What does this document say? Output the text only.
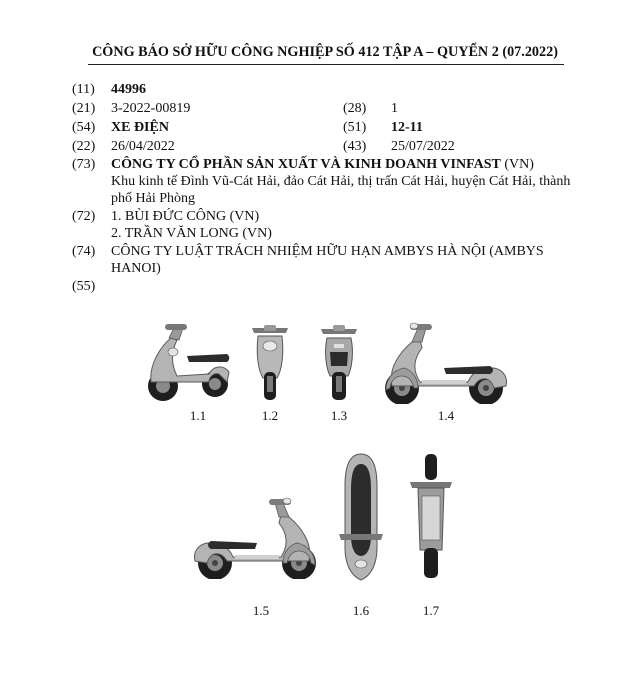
CÔNG BÁO SỞ HỮU CÔNG NGHIỆP SỐ 412 TẬP A – QUYỂN 2 (07.2022)
(11) 44996
(21) 3-2022-00819	(28) 1
(54) XE ĐIỆN	(51) 12-11
(22) 26/04/2022	(43) 25/07/2022
(73) CÔNG TY CỔ PHẦN SẢN XUẤT VÀ KINH DOANH VINFAST (VN)
Khu kinh tế Đình Vũ-Cát Hải, đảo Cát Hải, thị trấn Cát Hải, huyện Cát Hải, thành
phố Hải Phòng
(72) 1. BÙI ĐỨC CÔNG (VN)
2. TRẦN VĂN LONG (VN)
(74) CÔNG TY LUẬT TRÁCH NHIỆM HỮU HẠN AMBYS HÀ NỘI (AMBYS
HANOI)
(55)
1.1	1.2	1.3	1.4
1.5	1.6	1.7
